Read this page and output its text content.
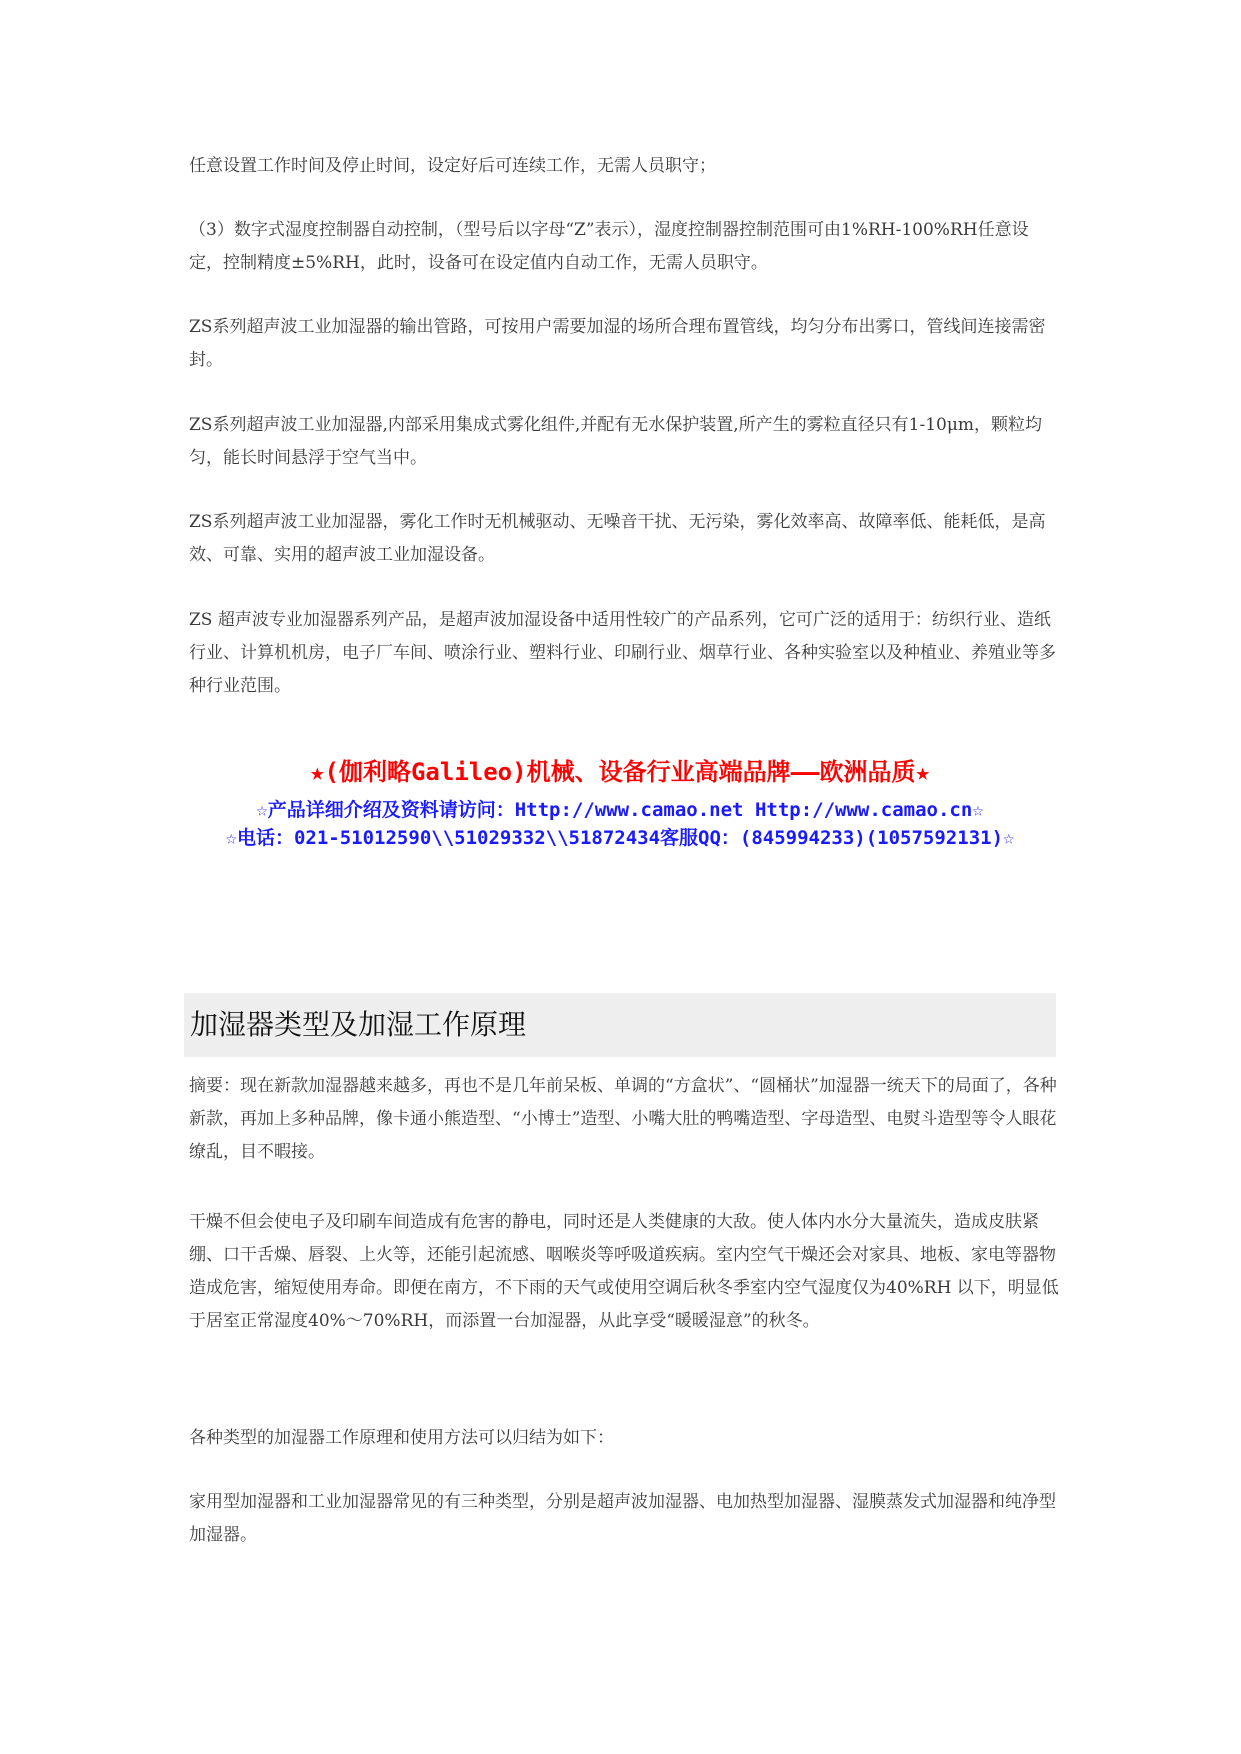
任意设置工作时间及停止时间，设定好后可连续工作，无需人员职守；

（3）数字式湿度控制器自动控制，（型号后以字母“Z”表示），湿度控制器控制范围可由1%RH-100%RH任意设定，控制精度±5%RH，此时，设备可在设定值内自动工作，无需人员职守。

ZS系列超声波工业加湿器的输出管路，可按用户需要加湿的场所合理布置管线，均匀分布出雾口，管线间连接需密封。

ZS系列超声波工业加湿器,内部采用集成式雾化组件,并配有无水保护装置,所产生的雾粒直径只有1-10μm，颗粒均匀，能长时间悬浮于空气当中。

ZS系列超声波工业加湿器，雾化工作时无机械驱动、无噪音干扰、无污染，雾化效率高、故障率低、能耗低，是高效、可靠、实用的超声波工业加湿设备。

ZS 超声波专业加湿器系列产品，是超声波加湿设备中适用性较广的产品系列，它可广泛的适用于：纺织行业、造纸行业、计算机机房，电子厂车间、喷涂行业、塑料行业、印刷行业、烟草行业、各种实验室以及种植业、养殖业等多种行业范围。

★(伽利略Galileo)机械、设备行业高端品牌——欧洲品质★

☆产品详细介绍及资料请访问：Http://www.camao.net Http://www.camao.cn☆

☆电话：021-51012590\\51029332\\51872434客服QQ：(845994233)(1057592131)☆

加湿器类型及加湿工作原理

摘要：现在新款加湿器越来越多，再也不是几年前呆板、单调的“方盒状”、“圆桶状”加湿器一统天下的局面了，各种新款，再加上多种品牌，像卡通小熊造型、“小博士”造型、小嘴大肚的鸭嘴造型、字母造型、电熨斗造型等令人眼花缭乱，目不暇接。

干燥不但会使电子及印刷车间造成有危害的静电，同时还是人类健康的大敌。使人体内水分大量流失，造成皮肤紧绷、口干舌燥、唇裂、上火等，还能引起流感、咽喉炎等呼吸道疾病。室内空气干燥还会对家具、地板、家电等器物造成危害，缩短使用寿命。即便在南方，不下雨的天气或使用空调后秋冬季室内空气湿度仅为40%RH 以下，明显低于居室正常湿度40%～70%RH，而添置一台加湿器，从此享受“暖暖湿意”的秋冬。

各种类型的加湿器工作原理和使用方法可以归结为如下：

家用型加湿器和工业加湿器常见的有三种类型，分别是超声波加湿器、电加热型加湿器、湿膜蒸发式加湿器和纯净型加湿器。
